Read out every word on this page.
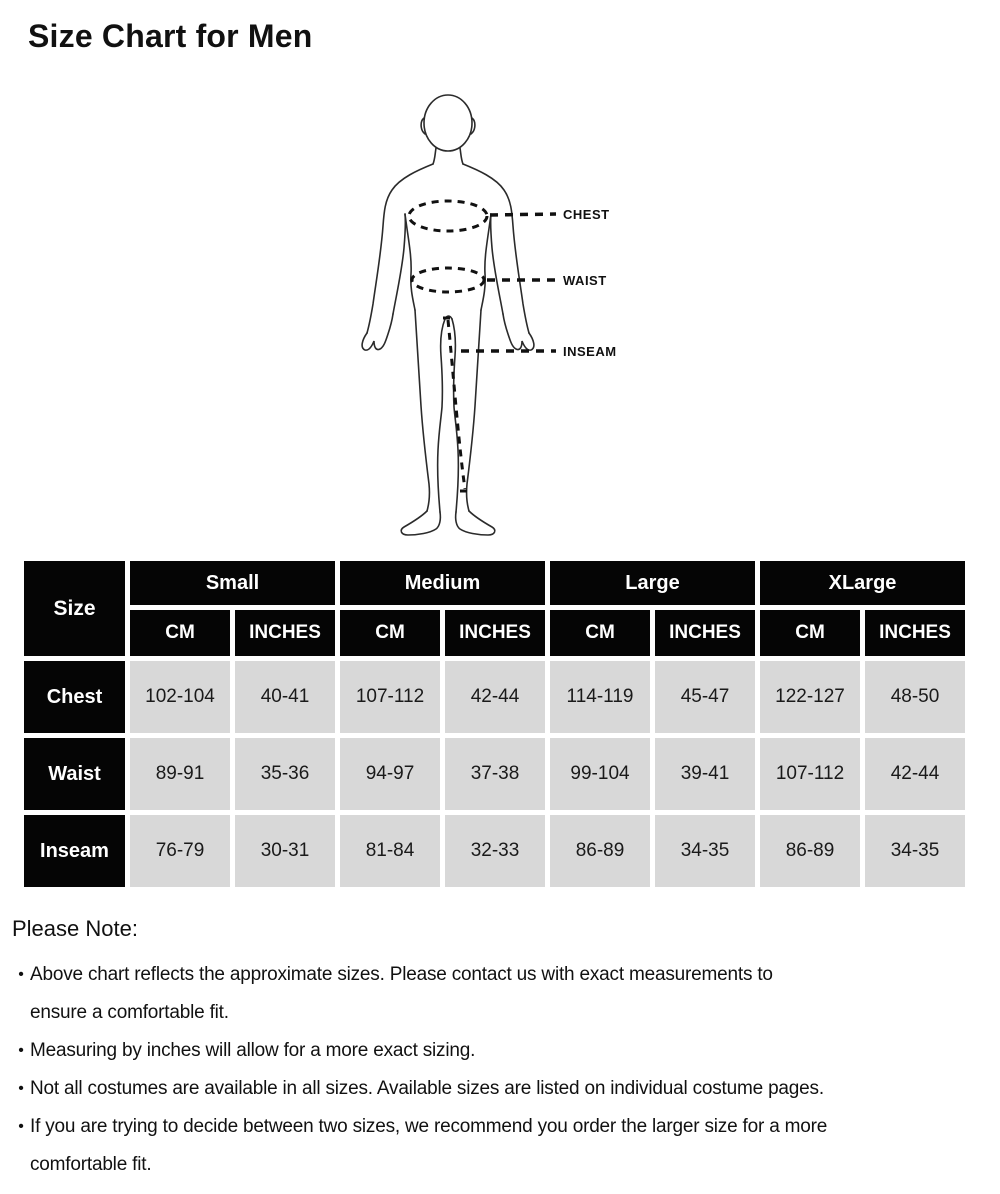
Size Chart for Men
CHEST
WAIST
INSEAM
Size	Small		Medium		Large		XLarge	
	CM	INCHES	CM	INCHES	CM	INCHES	CM	INCHES
Chest	102-104	40-41	107-112	42-44	114-119	45-47	122-127	48-50
Waist	89-91	35-36	94-97	37-38	99-104	39-41	107-112	42-44
Inseam	76-79	30-31	81-84	32-33	86-89	34-35	86-89	34-35
Please Note:
• Above chart reflects the approximate sizes. Please contact us with exact measurements to
ensure a comfortable fit.
• Measuring by inches will allow for a more exact sizing.
• Not all costumes are available in all sizes. Available sizes are listed on individual costume pages.
• If you are trying to decide between two sizes, we recommend you order the larger size for a more
comfortable fit.
